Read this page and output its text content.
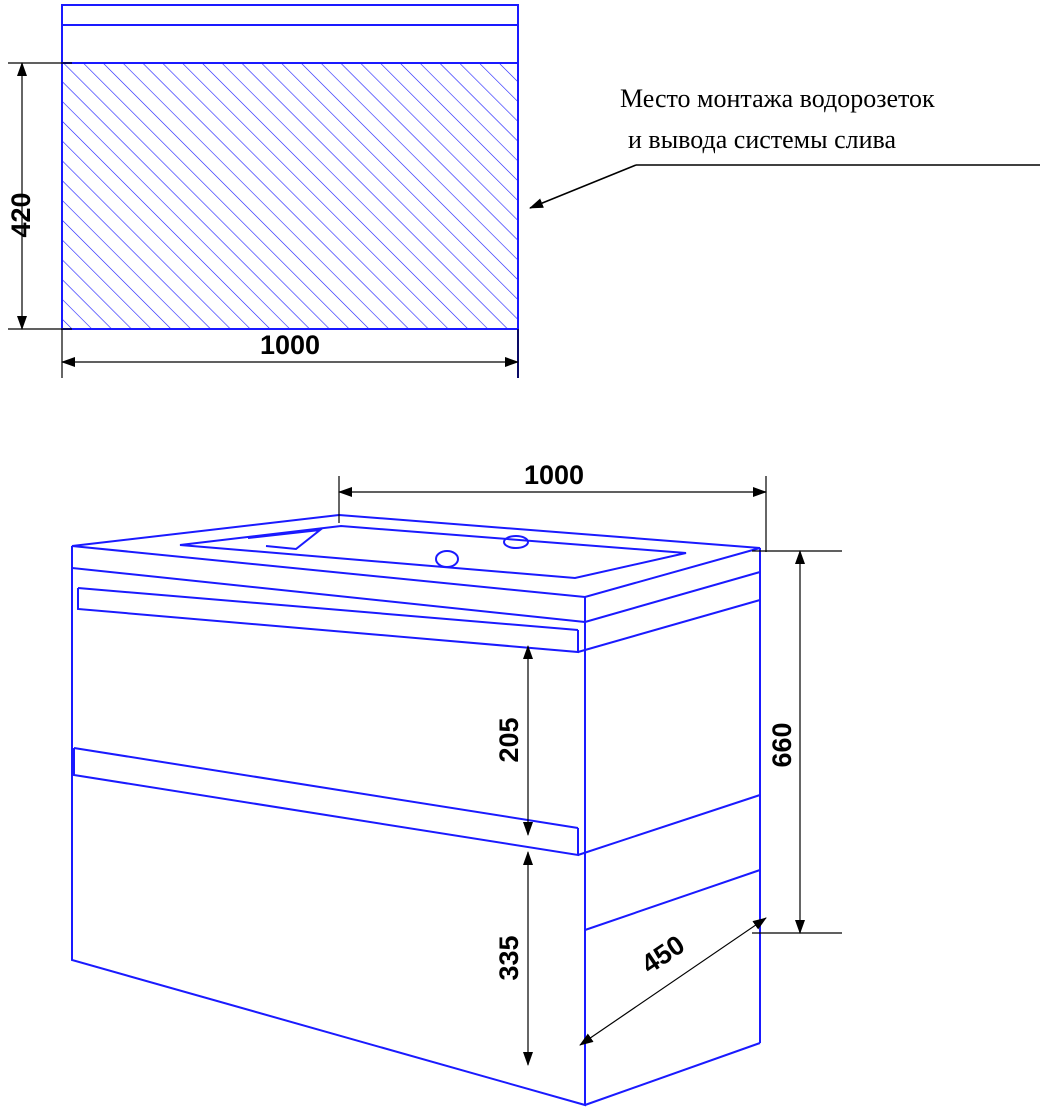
420
1000
Место монтажа водорозеток
и вывода системы слива
1000
660
205
335	450
